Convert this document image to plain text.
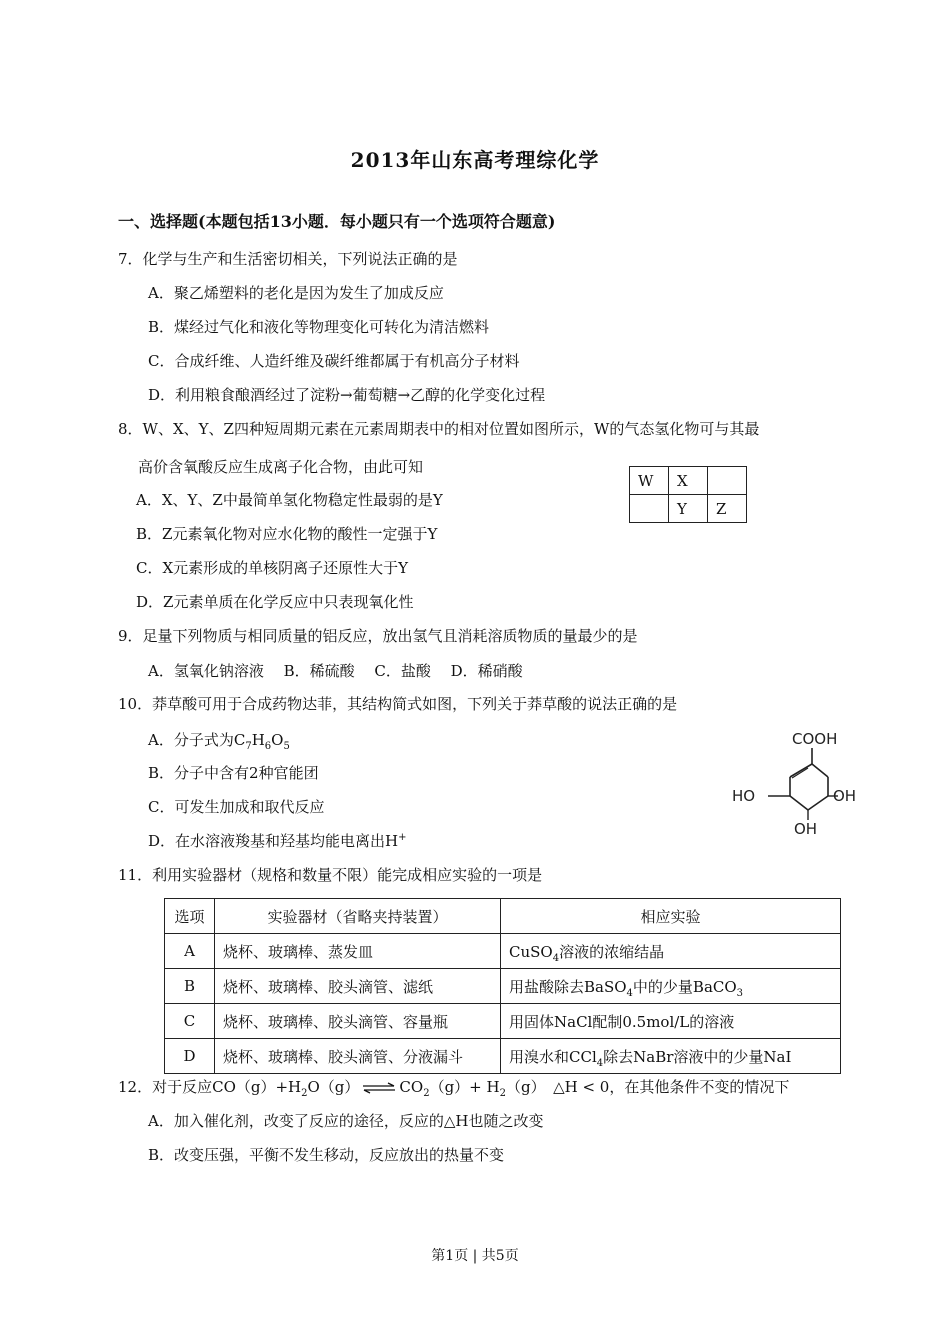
2013年山东高考理综化学
一、选择题(本题包括13小题．每小题只有一个选项符合题意)
7．化学与生产和生活密切相关，下列说法正确的是
A．聚乙烯塑料的老化是因为发生了加成反应
B．煤经过气化和液化等物理变化可转化为清洁燃料
C．合成纤维、人造纤维及碳纤维都属于有机高分子材料
D．利用粮食酿酒经过了淀粉→葡萄糖→乙醇的化学变化过程
8．W、X、Y、Z四种短周期元素在元素周期表中的相对位置如图所示，W的气态氢化物可与其最
高价含氧酸反应生成离子化合物，由此可知
A．X、Y、Z中最简单氢化物稳定性最弱的是Y
B．Z元素氧化物对应水化物的酸性一定强于Y
C．X元素形成的单核阴离子还原性大于Y
D．Z元素单质在化学反应中只表现氧化性
W	X	
	Y	Z
9．足量下列物质与相同质量的铝反应，放出氢气且消耗溶质物质的量最少的是
A．氢氧化钠溶液　 B．稀硫酸　 C．盐酸　 D．稀硝酸
10．莽草酸可用于合成药物达菲，其结构简式如图，下列关于莽草酸的说法正确的是
A．分子式为$C_7H_6O_5$
B．分子中含有2种官能团
C．可发生加成和取代反应
D．在水溶液羧基和羟基均能电离出H+
COOH
HO	OH
OH
11．利用实验器材（规格和数量不限）能完成相应实验的一项是
选项	实验器材（省略夹持装置）	相应实验
A	烧杯、玻璃棒、蒸发皿	CuSO$_4$溶液的浓缩结晶
B	烧杯、玻璃棒、胶头滴管、滤纸	用盐酸除去BaSO$_4$中的少量BaCO$_3$
C	烧杯、玻璃棒、胶头滴管、容量瓶	用固体NaCl配制0.5mol/L的溶液
D	烧杯、玻璃棒、胶头滴管、分液漏斗	用溴水和CCl$_4$除去NaBr溶液中的少量NaI
12．对于反应$CO(g)+H_2O(g)$ ⇌ $CO_2(g)+ H_2(g)$　△H < 0，在其他条件不变的情况下
A．加入催化剂，改变了反应的途径，反应的△H也随之改变
B．改变压强，平衡不发生移动，反应放出的热量不变
第1页 | 共5页
